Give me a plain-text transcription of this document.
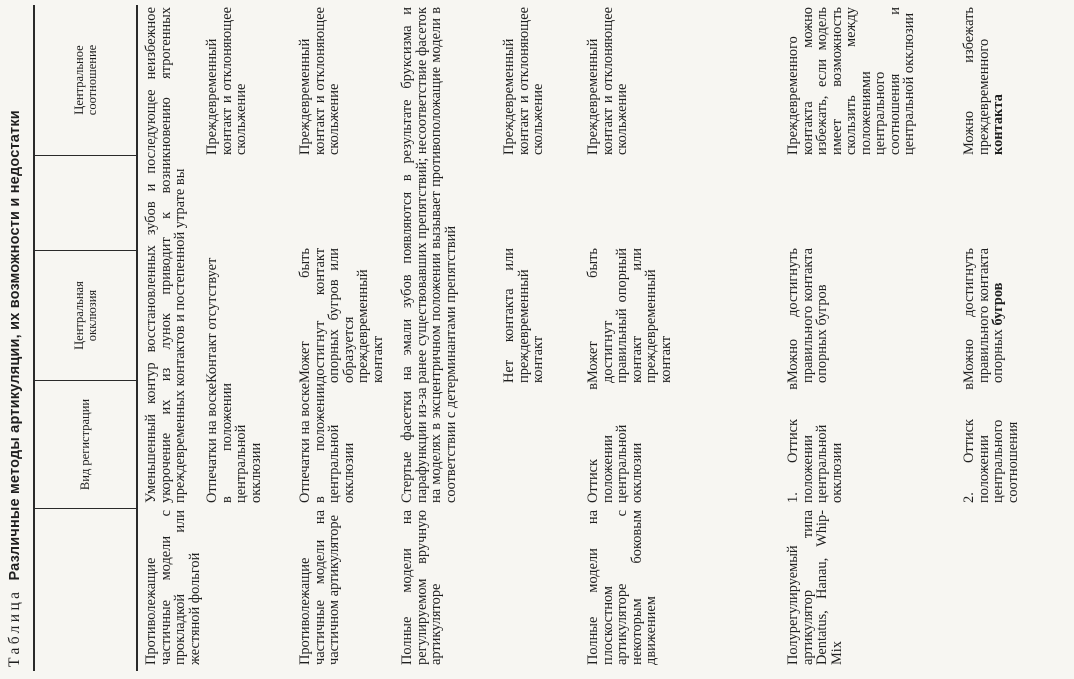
Таблица
Различные методы артикуляции, их возможности и недостатки	Вид регистрации
Центральная окклюзия
Центральное соотношение
Противолежащие частичные модели с прокладкой или жестяной фольгой
Уменьшенный контур восстановленных зубов и последующее неизбежное укорочение их из лунок приводит к возникновению ятрогенных преждевременных контактов и постепенной утрате вы Отпечатки на воске в положении центральной окклюзии
Контакт отсутствует
Преждевременный контакт и отклоняющее скольжение
Противолежащие частичные модели на частичном артикуляторе
Отпечатки на воске в положении центральной окклюзии
Может быть достигнут контакт опорных бугров или образуется преждевременный контакт
Преждевременный контакт и отклоняющее скольжение
Полные модели на регулируемом вручную артикуляторе
Стертые фасетки на эмали зубов появляются в результате бруксизма и парафункции из-за ранее существовавших препятствий; несоответствие фасеток на моделях в эксцентричном положении вызывает противоположащие модели в соответствии с детерминантами препятствий	Нет контакта или преждевременный контакт
Преждевременный контакт и отклоняющее скольжение
Полные модели на плоскостном артикуляторе с некоторым боковым движением
Оттиск в положении центральной окклюзии
Может быть достигнут правильный опорный контакт или преждевременный контакт
Преждевременный контакт и отклоняющее скольжение
Полурегулируемый артикулятор типа Dentatus, Hanau, Whip-Mix
1. Оттиск в положении центральной окклюзии
Можно достигнуть правильного контакта опорных бугров
Преждевременного контакта можно избежать, если модель имеет возможность скользить между положениями центрального соотношения и центральной окклюзии
2. Оттиск в положении центрального соотношения
Можно достигнуть правильного контакта опорных бугров
Можно избежать преждевременного контакта
